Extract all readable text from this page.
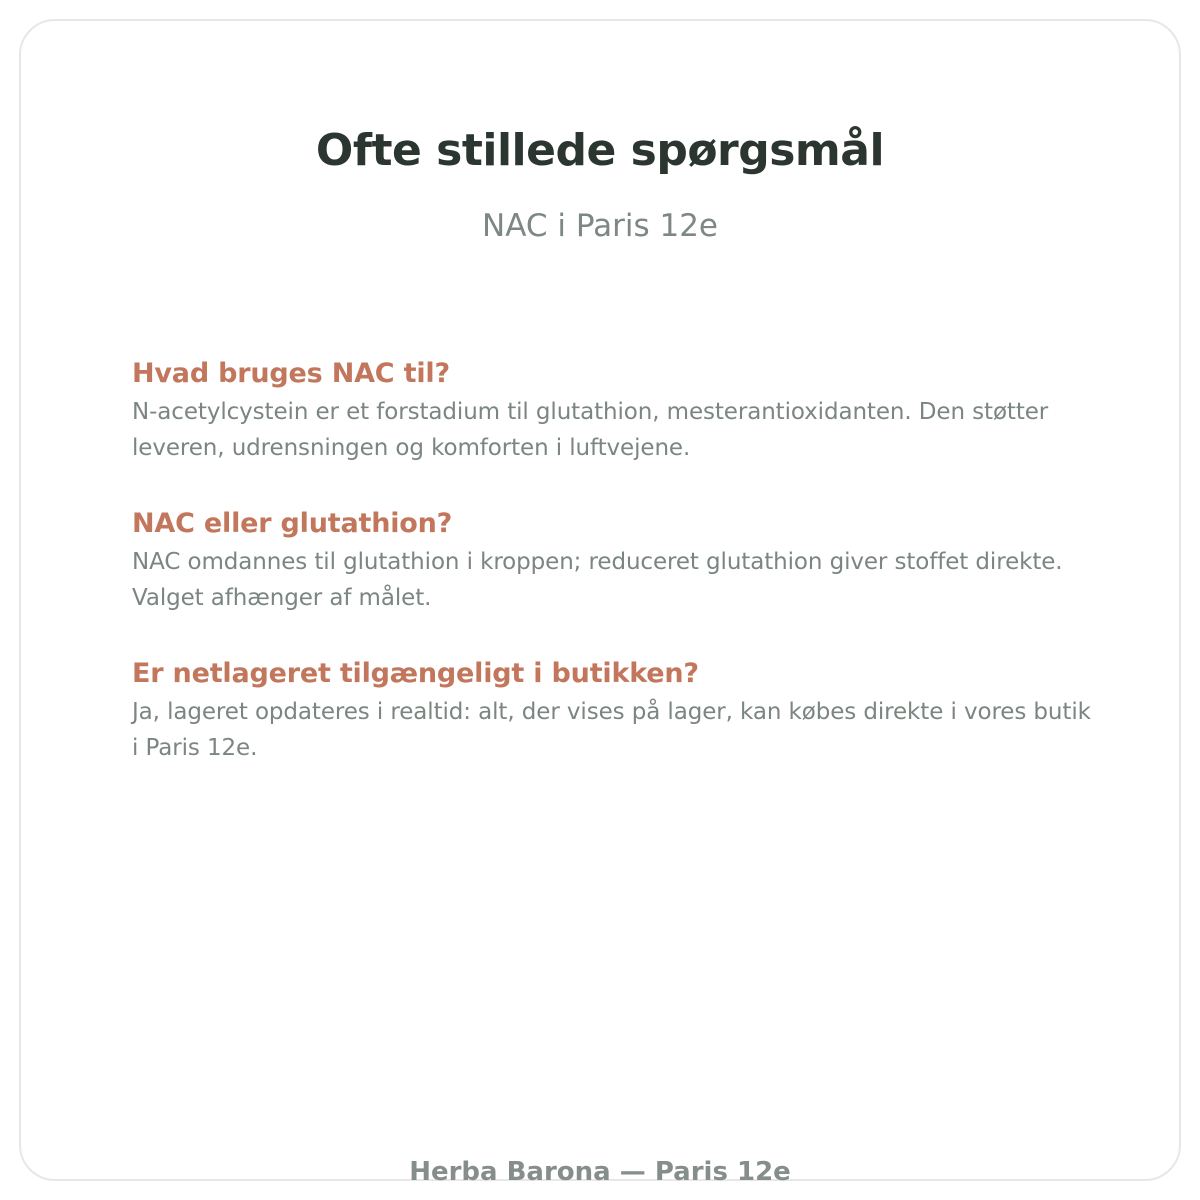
Ofte stillede spørgsmål

NAC i Paris 12e

Hvad bruges NAC til?

N-acetylcystein er et forstadium til glutathion, mesterantioxidanten. Den støtter leveren, udrensningen og komforten i luftvejene.

NAC eller glutathion?

NAC omdannes til glutathion i kroppen; reduceret glutathion giver stoffet direkte. Valget afhænger af målet.

Er netlageret tilgængeligt i butikken?

Ja, lageret opdateres i realtid: alt, der vises på lager, kan købes direkte i vores butik i Paris 12e.

Herba Barona — Paris 12e
